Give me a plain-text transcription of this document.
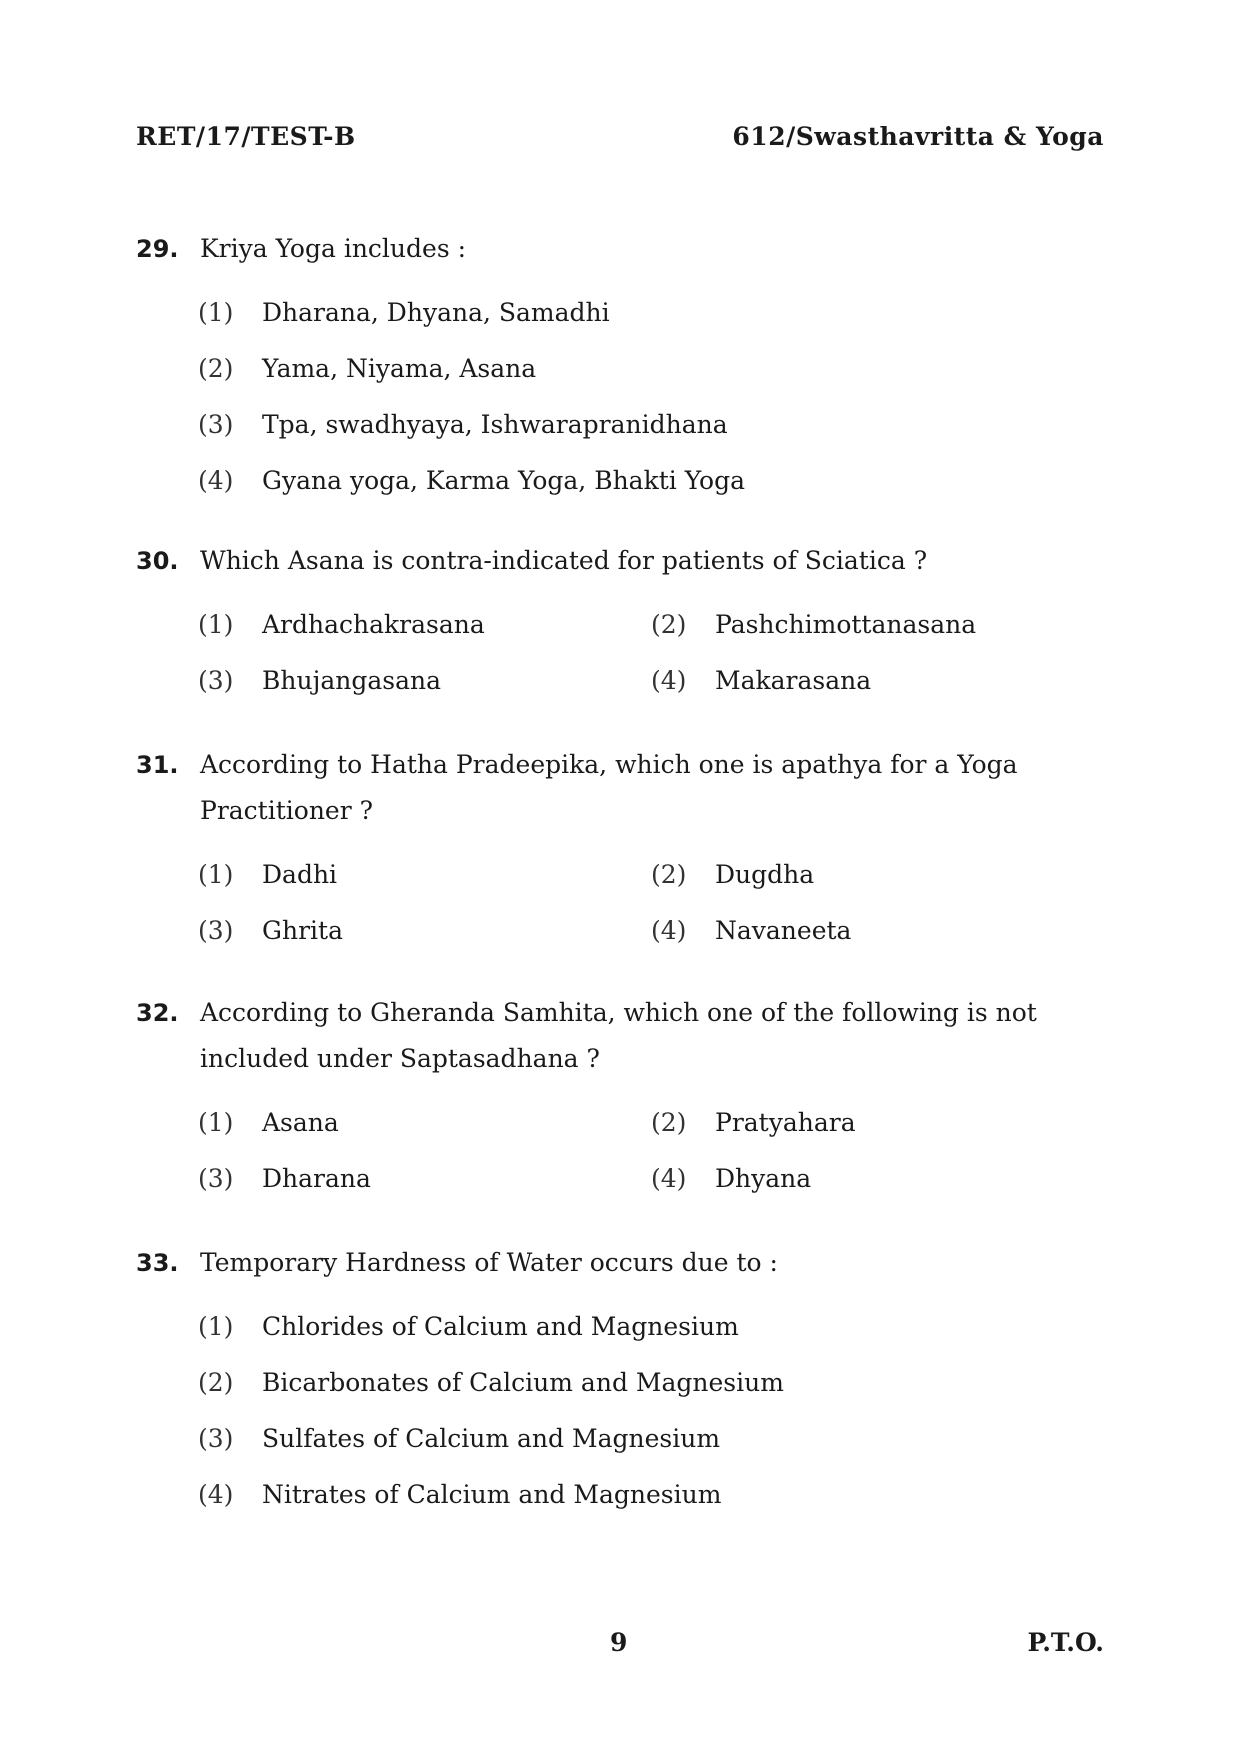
RET/17/TEST-B	612/Swasthavritta & Yoga
29. Kriya Yoga includes :
(1)	Dharana, Dhyana, Samadhi
(2)	Yama, Niyama, Asana
(3)	Tpa, swadhyaya, Ishwarapranidhana
(4)	Gyana yoga, Karma Yoga, Bhakti Yoga
30. Which Asana is contra-indicated for patients of Sciatica ?
(1)	Ardhachakrasana	(2)	Pashchimottanasana
(3)	Bhujangasana	(4)	Makarasana
31. According to Hatha Pradeepika, which one is apathya for a Yoga
Practitioner ?
(1)	Dadhi	(2)	Dugdha
(3)	Ghrita	(4)	Navaneeta
32. According to Gheranda Samhita, which one of the following is not
included under Saptasadhana ?
(1)	Asana	(2)	Pratyahara
(3)	Dharana	(4)	Dhyana
33. Temporary Hardness of Water occurs due to :
(1)	Chlorides of Calcium and Magnesium
(2)	Bicarbonates of Calcium and Magnesium
(3)	Sulfates of Calcium and Magnesium
(4)	Nitrates of Calcium and Magnesium
9	P.T.O.
